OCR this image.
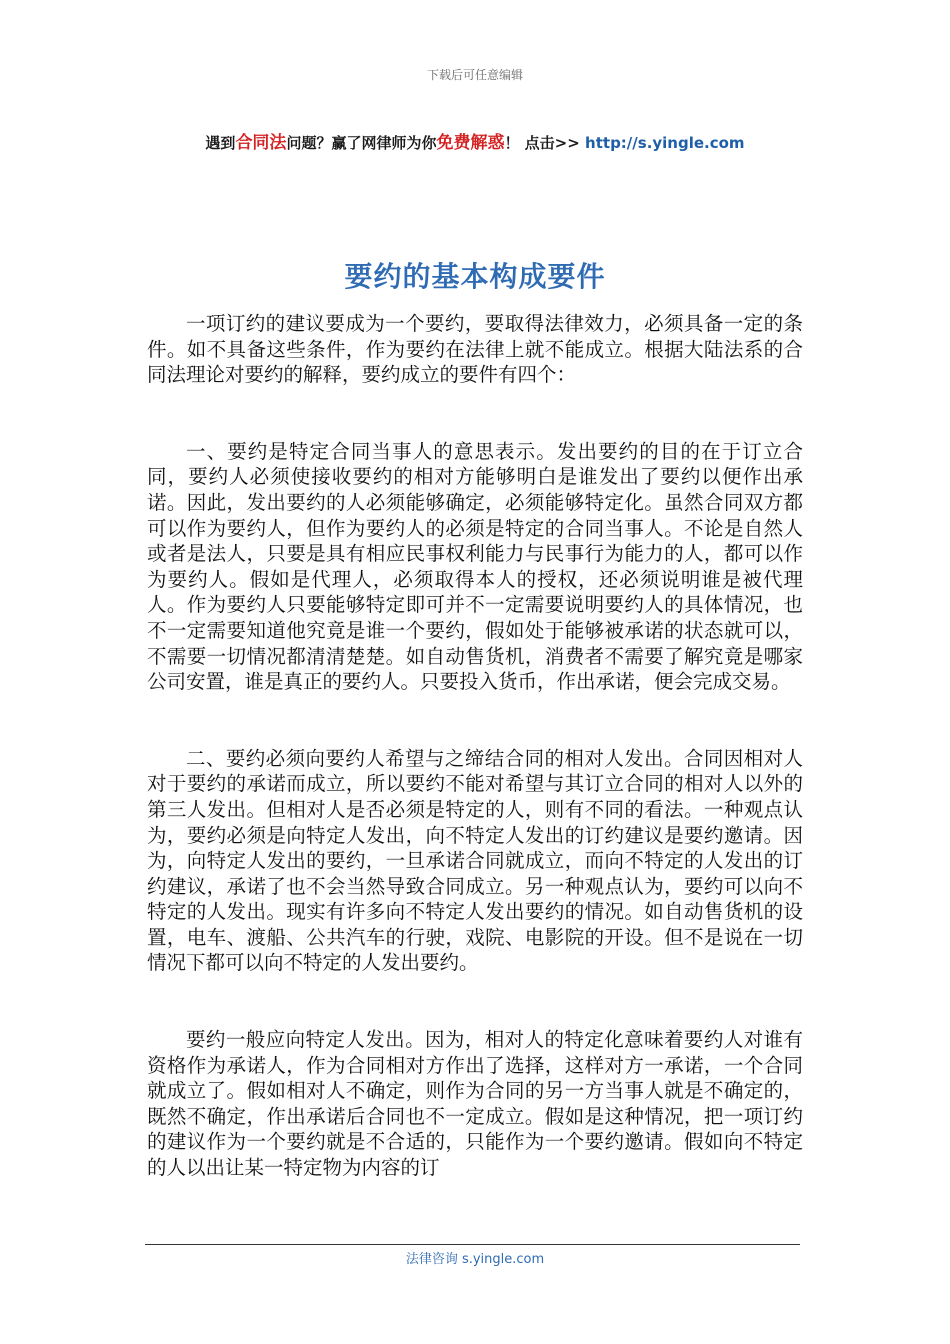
下载后可任意编辑
遇到合同法问题？赢了网律师为你免费解惑！ 点击>> http://s.yingle.com
要约的基本构成要件

一项订约的建议要成为一个要约，要取得法律效力，必须具备一定的条件。如不具备这些条件，作为要约在法律上就不能成立。根据大陆法系的合同法理论对要约的解释，要约成立的要件有四个：

一、要约是特定合同当事人的意思表示。发出要约的目的在于订立合同，要约人必须使接收要约的相对方能够明白是谁发出了要约以便作出承诺。因此，发出要约的人必须能够确定，必须能够特定化。虽然合同双方都可以作为要约人，但作为要约人的必须是特定的合同当事人。不论是自然人或者是法人，只要是具有相应民事权利能力与民事行为能力的人，都可以作为要约人。假如是代理人，必须取得本人的授权，还必须说明谁是被代理人。作为要约人只要能够特定即可并不一定需要说明要约人的具体情况，也不一定需要知道他究竟是谁一个要约，假如处于能够被承诺的状态就可以，不需要一切情况都清清楚楚。如自动售货机，消费者不需要了解究竟是哪家公司安置，谁是真正的要约人。只要投入货币，作出承诺，便会完成交易。

二、要约必须向要约人希望与之缔结合同的相对人发出。合同因相对人对于要约的承诺而成立，所以要约不能对希望与其订立合同的相对人以外的第三人发出。但相对人是否必须是特定的人，则有不同的看法。一种观点认为，要约必须是向特定人发出，向不特定人发出的订约建议是要约邀请。因为，向特定人发出的要约，一旦承诺合同就成立，而向不特定的人发出的订约建议，承诺了也不会当然导致合同成立。另一种观点认为，要约可以向不特定的人发出。现实有许多向不特定人发出要约的情况。如自动售货机的设置，电车、渡船、公共汽车的行驶，戏院、电影院的开设。但不是说在一切情况下都可以向不特定的人发出要约。

要约一般应向特定人发出。因为，相对人的特定化意味着要约人对谁有资格作为承诺人，作为合同相对方作出了选择，这样对方一承诺，一个合同就成立了。假如相对人不确定，则作为合同的另一方当事人就是不确定的，既然不确定，作出承诺后合同也不一定成立。假如是这种情况，把一项订约的建议作为一个要约就是不合适的，只能作为一个要约邀请。假如向不特定的人以出让某一特定物为内容的订

法律咨询 s.yingle.com
